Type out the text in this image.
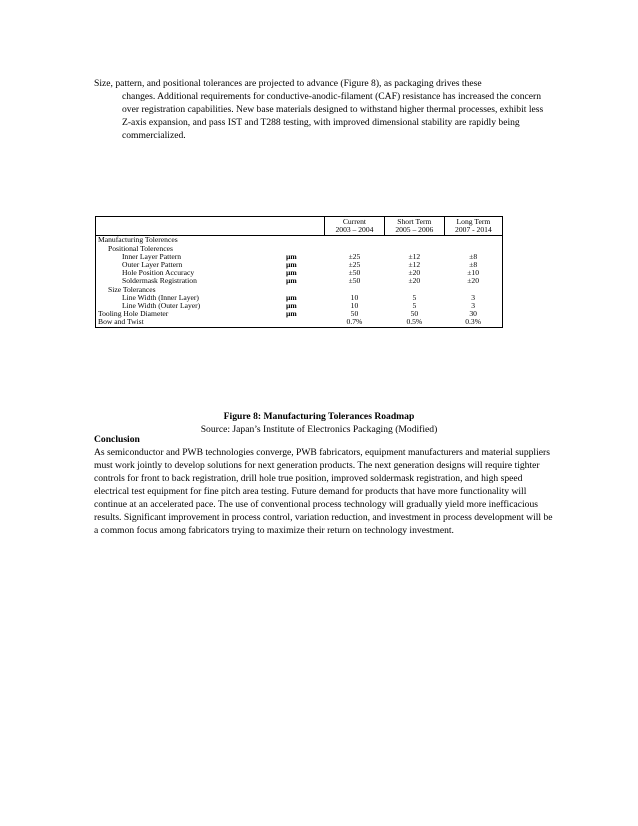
Size, pattern, and positional tolerances are projected to advance (Figure 8), as packaging drives these
changes. Additional requirements for conductive-anodic-filament (CAF) resistance has increased the concern over registration capabilities. New base materials designed to withstand higher thermal processes, exhibit less Z-axis expansion, and pass IST and T288 testing, with improved dimensional stability are rapidly being commercialized.
		Current	Short Term	Long Term
		2003 – 2004	2005 – 2006	2007 - 2014
Manufacturing Tolerences				
Positional Tolerences				
Inner Layer Pattern	µm	±25	±12	±8
Outer Layer Pattern	µm	±25	±12	±8
Hole Position Accuracy	µm	±50	±20	±10
Soldermask Registration	µm	±50	±20	±20
Size Tolerances				
Line Width (Inner Layer)	µm	10	5	3
Line Width (Outer Layer)	µm	10	5	3
Tooling Hole Diameter	µm	50	50	30
Bow and Twist		0.7%	0.5%	0.3%
Figure 8: Manufacturing Tolerances Roadmap
Source: Japan’s Institute of Electronics Packaging (Modified)
Conclusion
As semiconductor and PWB technologies converge, PWB fabricators, equipment manufacturers and material suppliers must work jointly to develop solutions for next generation products. The next generation designs will require tighter controls for front to back registration, drill hole true position, improved soldermask registration, and high speed electrical test equipment for fine pitch area testing. Future demand for products that have more functionality will continue at an accelerated pace. The use of conventional process technology will gradually yield more inefficacious results. Significant improvement in process control, variation reduction, and investment in process development will be a common focus among fabricators trying to maximize their return on technology investment.
